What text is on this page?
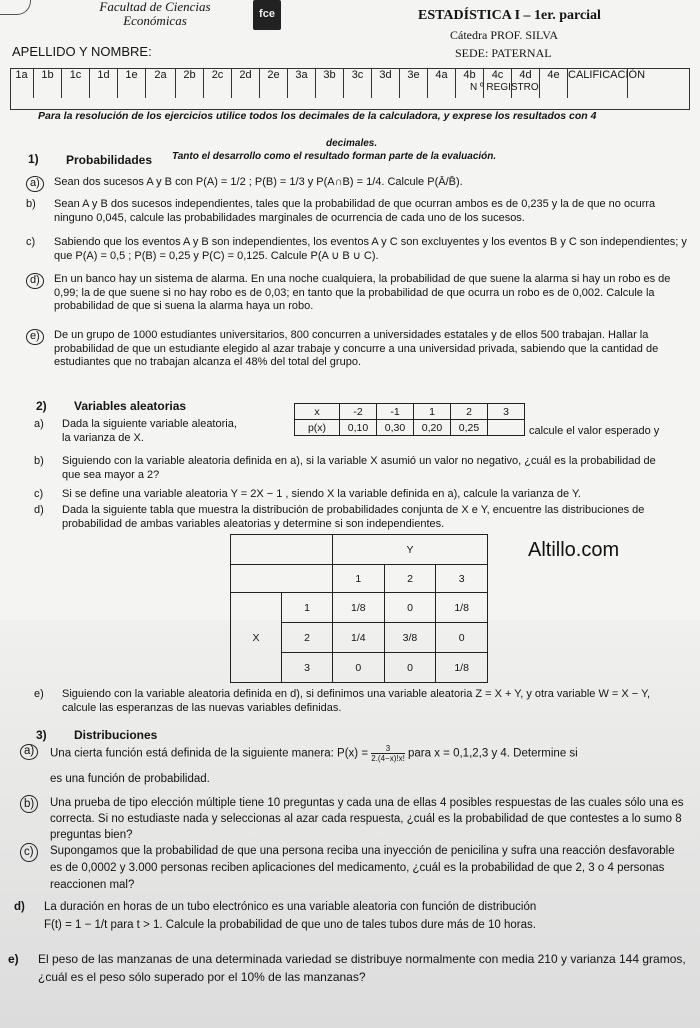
Facultad de Ciencias
Económicas	fce	ESTADÍSTICA I – 1er. parcial
Cátedra PROF. SILVA
SEDE: PATERNAL
APELLIDO Y NOMBRE:
1a	1b	1c	1d	1e	2a	2b	2c	2d	2e	3a	3b	3c	3d	3e	4a	4b	4c	4d	4e CALIFICACIÓN
N º REGISTRO
Para la resolución de los ejercicios utilice todos los decimales de la calculadora, y exprese los resultados con 4
decimales.
Tanto el desarrollo como el resultado forman parte de la evaluación.
1) Probabilidades
a)	Sean dos sucesos A y B con P(A) = 1/2 ; P(B) = 1/3 y P(A∩B) = 1/4. Calcule P(Ā/B̄).
b) Sean A y B dos sucesos independientes, tales que la probabilidad de que ocurran ambos es de 0,235 y la de que no ocurra ninguno 0,045, calcule las probabilidades marginales de ocurrencia de cada uno de los sucesos.
c) Sabiendo que los eventos A y B son independientes, los eventos A y C son excluyentes y los eventos B y C son independientes; y que P(A) = 0,5 ; P(B) = 0,25 y P(C) = 0,125. Calcule P(A ∪ B ∪ C).
d)	En un banco hay un sistema de alarma. En una noche cualquiera, la probabilidad de que suene la alarma si hay un robo es de 0,99; la de que suene si no hay robo es de 0,03; en tanto que la probabilidad de que ocurra un robo es de 0,002. Calcule la probabilidad de que si suena la alarma haya un robo.
e)	De un grupo de 1000 estudiantes universitarios, 800 concurren a universidades estatales y de ellos 500 trabajan. Hallar la probabilidad de que un estudiante elegido al azar trabaje y concurre a una universidad privada, sabiendo que la cantidad de estudiantes que no trabajan alcanza el 48% del total del grupo.
2) Variables aleatorias
a) Dada la siguiente variable aleatoria,
la varianza de X.
x	-2	-1	1	2	3
p(x)	0,10	0,30	0,20	0,25		calcule el valor esperado y
b) Siguiendo con la variable aleatoria definida en a), si la variable X asumió un valor no negativo, ¿cuál es la probabilidad de que sea mayor a 2?
c) Si se define una variable aleatoria Y = 2X − 1 , siendo X la variable definida en a), calcule la varianza de Y.
d) Dada la siguiente tabla que muestra la distribución de probabilidades conjunta de X e Y, encuentre las distribuciones de probabilidad de ambas variables aleatorias y determine si son independientes.
		Y		
		1	2	3
X	1	1/8	0	1/8
	2	1/4	3/8	0
	3	0	0	1/8
Altillo.com
e) Siguiendo con la variable aleatoria definida en d), si definimos una variable aleatoria Z = X + Y, y otra variable W = X − Y, calcule las esperanzas de las nuevas variables definidas.
3) Distribuciones
a)	Una cierta función está definida de la siguiente manera: $P(x) = \frac{3}{2.(4-x)!x!}$ para x = 0,1,2,3 y 4. Determine si
es una función de probabilidad.
b)	Una prueba de tipo elección múltiple tiene 10 preguntas y cada una de ellas 4 posibles respuestas de las cuales sólo una es correcta. Si no estudiaste nada y seleccionas al azar cada respuesta, ¿cuál es la probabilidad de que contestes a lo sumo 8 preguntas bien?
c)	Supongamos que la probabilidad de que una persona reciba una inyección de penicilina y sufra una reacción desfavorable es de 0,0002 y 3.000 personas reciben aplicaciones del medicamento, ¿cuál es la probabilidad de que 2, 3 o 4 personas reaccionen mal?
d) La duración en horas de un tubo electrónico es una variable aleatoria con función de distribución
F(t) = 1 − 1/t para t > 1. Calcule la probabilidad de que uno de tales tubos dure más de 10 horas.
e) El peso de las manzanas de una determinada variedad se distribuye normalmente con media 210 y varianza 144 gramos, ¿cuál es el peso sólo superado por el 10% de las manzanas?
